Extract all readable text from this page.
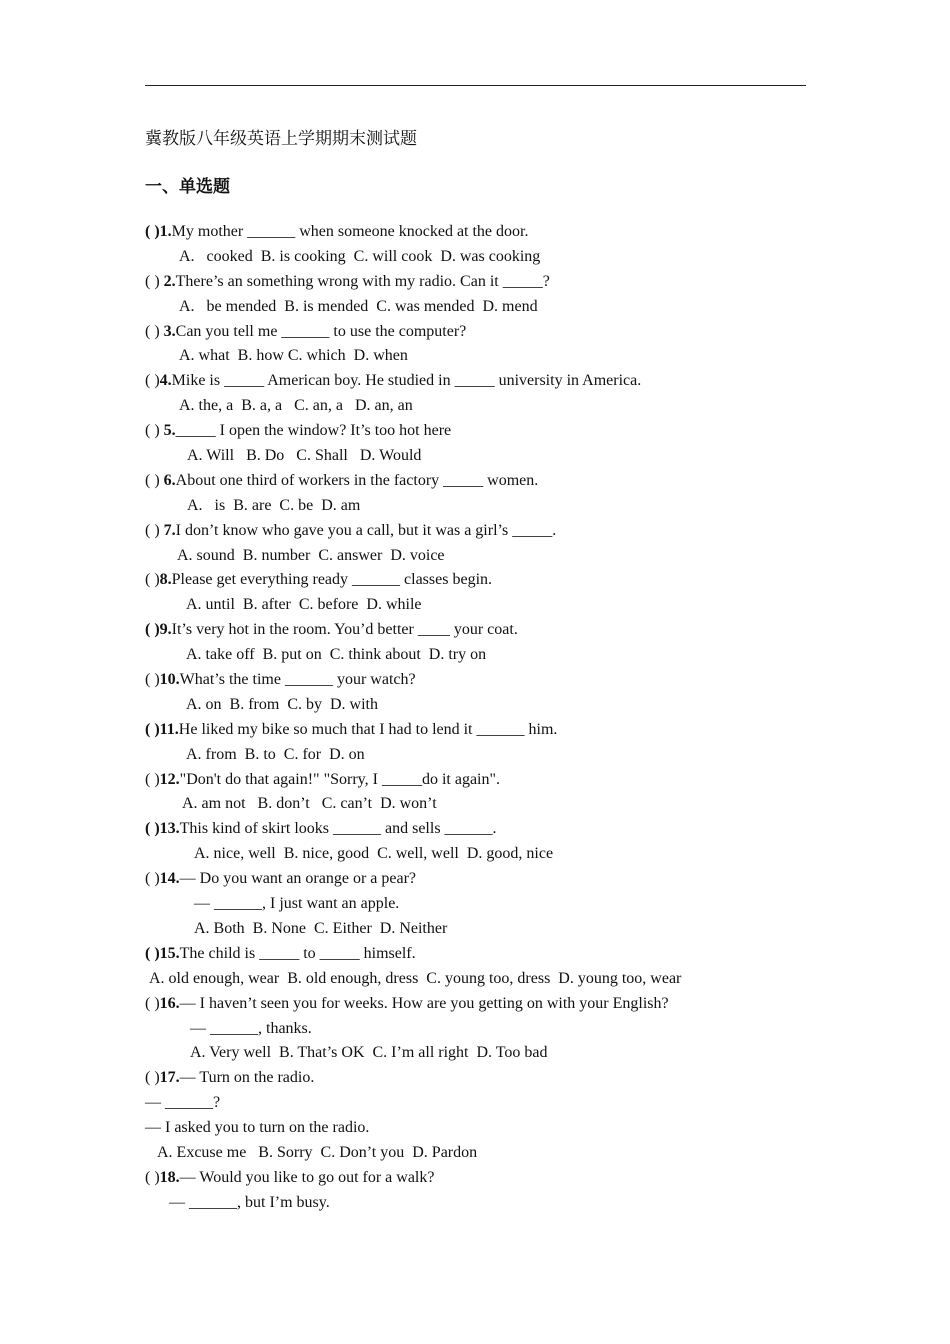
冀教版八年级英语上学期期末测试题
一、单选题
( )1.My mother ______ when someone knocked at the door.
A.   cooked  B. is cooking  C. will cook  D. was cooking
( ) 2.There’s an something wrong with my radio. Can it _____?
A.   be mended  B. is mended  C. was mended  D. mend
( ) 3.Can you tell me ______ to use the computer?
A. what  B. how C. which  D. when
( )4.Mike is _____ American boy. He studied in _____ university in America.
A. the, a  B. a, a   C. an, a   D. an, an
( ) 5._____ I open the window? It’s too hot here
A. Will   B. Do   C. Shall   D. Would
( ) 6.About one third of workers in the factory _____ women.
A.   is  B. are  C. be  D. am
( ) 7.I don’t know who gave you a call, but it was a girl’s _____.
A. sound  B. number  C. answer  D. voice
( )8.Please get everything ready ______ classes begin.
A. until  B. after  C. before  D. while
( )9.It’s very hot in the room. You’d better ____ your coat.
A. take off  B. put on  C. think about  D. try on
( )10.What’s the time ______ your watch?
A. on  B. from  C. by  D. with
( )11.He liked my bike so much that I had to lend it ______ him.
A. from  B. to  C. for  D. on
( )12."Don't do that again!" "Sorry, I _____do it again".
A. am not   B. don’t   C. can’t  D. won’t
( )13.This kind of skirt looks ______ and sells ______.
A. nice, well  B. nice, good  C. well, well  D. good, nice
( )14.— Do you want an orange or a pear?
— ______, I just want an apple.
A. Both  B. None  C. Either  D. Neither
( )15.The child is _____ to _____ himself.
A. old enough, wear  B. old enough, dress  C. young too, dress  D. young too, wear
( )16.— I haven’t seen you for weeks. How are you getting on with your English?
— ______, thanks.
A. Very well  B. That’s OK  C. I’m all right  D. Too bad
( )17.— Turn on the radio.
— ______?
— I asked you to turn on the radio.
A. Excuse me   B. Sorry  C. Don’t you  D. Pardon
( )18.— Would you like to go out for a walk?
— ______, but I’m busy.
